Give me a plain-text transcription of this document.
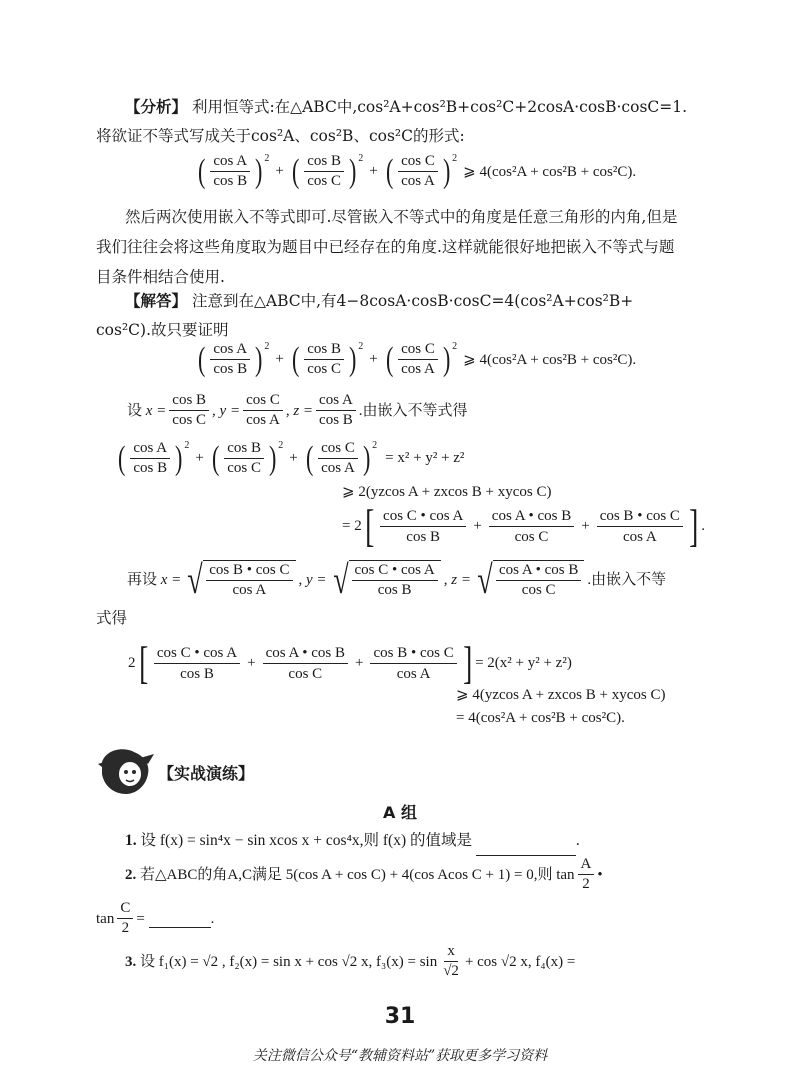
【分析】 利用恒等式:在△ABC中,cos²A+cos²B+cos²C+2cosA·cosB·cosC=1.
将欲证不等式写成关于cos²A、cos²B、cos²C的形式:
( $\frac{\text{cos A}}{\text{cos B}}$ ) 2
+ ( $\frac{\text{cos B}}{\text{cos C}}$ ) 2
+ ( $\frac{\text{cos C}}{\text{cos A}}$ ) 2
⩾ 4(cos²A + cos²B + cos²C).
然后两次使用嵌入不等式即可.尽管嵌入不等式中的角度是任意三角形的内角,但是
我们往往会将这些角度取为题目中已经存在的角度.这样就能很好地把嵌入不等式与题
目条件相结合使用.
【解答】 注意到在△ABC中,有4−8cosA·cosB·cosC=4(cos²A+cos²B+
cos²C).故只要证明
( $\frac{\text{cos A}}{\text{cos B}}$ ) 2
+ ( $\frac{\text{cos B}}{\text{cos C}}$ ) 2
+ ( $\frac{\text{cos C}}{\text{cos A}}$ ) 2
⩾ 4(cos²A + cos²B + cos²C).
设
$x = \frac{\text{cos B}}{\text{cos C}}$ ,
$y = \frac{\text{cos C}}{\text{cos A}}$ ,
$z = \frac{\text{cos A}}{\text{cos B}}$ .由嵌入不等式得
( $\frac{\text{cos A}}{\text{cos B}}$ ) 2
+ ( $\frac{\text{cos B}}{\text{cos C}}$ ) 2
+ ( $\frac{\text{cos C}}{\text{cos A}}$ ) 2
= x² + y² + z²
⩾ 2(yzcos A + zxcos B + xycos C)
= 2 [ $\frac{\text{cos C • cos A}}{\text{cos B}} + \frac{\text{cos A • cos B}}{\text{cos C}} + \frac{\text{cos B • cos C}}{\text{cos A}}$ ] .
再设
x = √ $\frac{\text{cos B • cos C}}{\text{cos A}}$ ,
y = √ $\frac{\text{cos C • cos A}}{\text{cos B}}$ ,
z = √ $\frac{\text{cos A • cos B}}{\text{cos C}}$ .由嵌入不等
式得
2 [ $\frac{\text{cos C • cos A}}{\text{cos B}} + \frac{\text{cos A • cos B}}{\text{cos C}} + \frac{\text{cos B • cos C}}{\text{cos A}}$ ] = 2(x² + y² + z²)
⩾ 4(yzcos A + zxcos B + xycos C)
= 4(cos²A + cos²B + cos²C).
【实战演练】
A 组
1. 设 f(x) = sin⁴x − sin xcos x + cos⁴x,则 f(x) 的值域是	.
2.
若△ABC的角A,C满足 5(cos A + cos C) + 4(cos Acos C + 1) = 0,则 $\tan \frac{A}{2}$ •
$\tan \frac{C}{2}$ =
	.
3.
设 f₁(x) = √2 , f₂(x) = sin x + cos √2 x, $f_3(x) = \sin \frac{x}{√2} + \cos √2$ x, f₄(x) =
31
关注微信公众号“教辅资料站”获取更多学习资料
